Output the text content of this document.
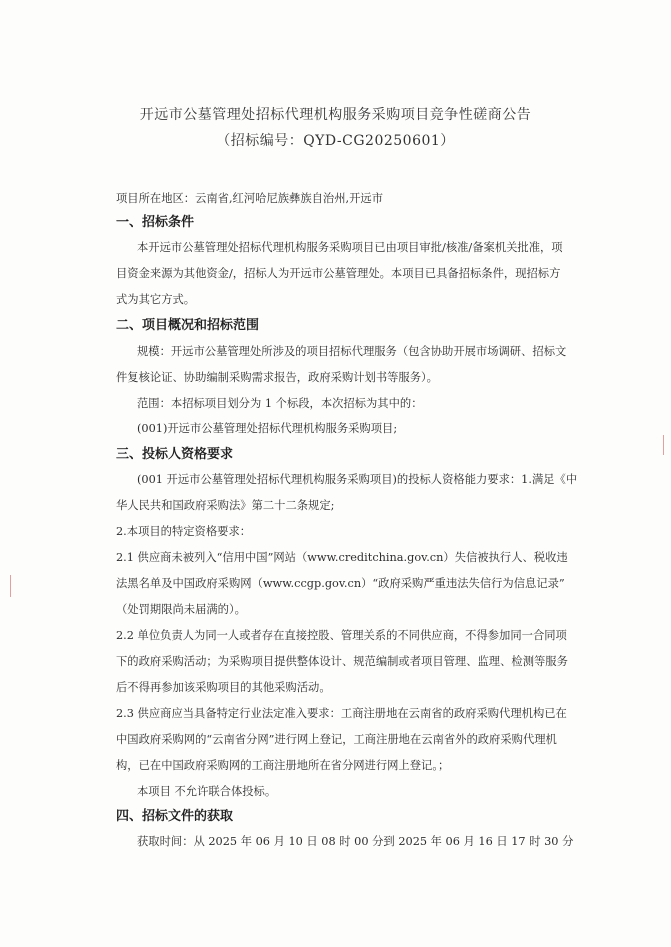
开远市公墓管理处招标代理机构服务采购项目竞争性磋商公告
（招标编号：QYD-CG20250601）
项目所在地区：云南省,红河哈尼族彝族自治州,开远市
一、招标条件
本开远市公墓管理处招标代理机构服务采购项目已由项目审批/核准/备案机关批准，项
目资金来源为其他资金/，招标人为开远市公墓管理处。本项目已具备招标条件，现招标方
式为其它方式。
二、项目概况和招标范围
规模：开远市公墓管理处所涉及的项目招标代理服务（包含协助开展市场调研、招标文
件复核论证、协助编制采购需求报告，政府采购计划书等服务）。
范围：本招标项目划分为 1 个标段，本次招标为其中的：
(001)开远市公墓管理处招标代理机构服务采购项目;
三、投标人资格要求
(001 开远市公墓管理处招标代理机构服务采购项目)的投标人资格能力要求：1.满足《中
华人民共和国政府采购法》第二十二条规定;
2.本项目的特定资格要求：
2.1 供应商未被列入“信用中国”网站（www.creditchina.gov.cn）失信被执行人、税收违
法黑名单及中国政府采购网（www.ccgp.gov.cn）“政府采购严重违法失信行为信息记录”
（处罚期限尚未届满的）。
2.2 单位负责人为同一人或者存在直接控股、管理关系的不同供应商，不得参加同一合同项
下的政府采购活动；为采购项目提供整体设计、规范编制或者项目管理、监理、检测等服务
后不得再参加该采购项目的其他采购活动。
2.3 供应商应当具备特定行业法定准入要求：工商注册地在云南省的政府采购代理机构已在
中国政府采购网的“云南省分网”进行网上登记，工商注册地在云南省外的政府采购代理机
构，已在中国政府采购网的工商注册地所在省分网进行网上登记。；
本项目 不允许联合体投标。
四、招标文件的获取
获取时间：从 2025 年 06 月 10 日 08 时 00 分到 2025 年 06 月 16 日 17 时 30 分
